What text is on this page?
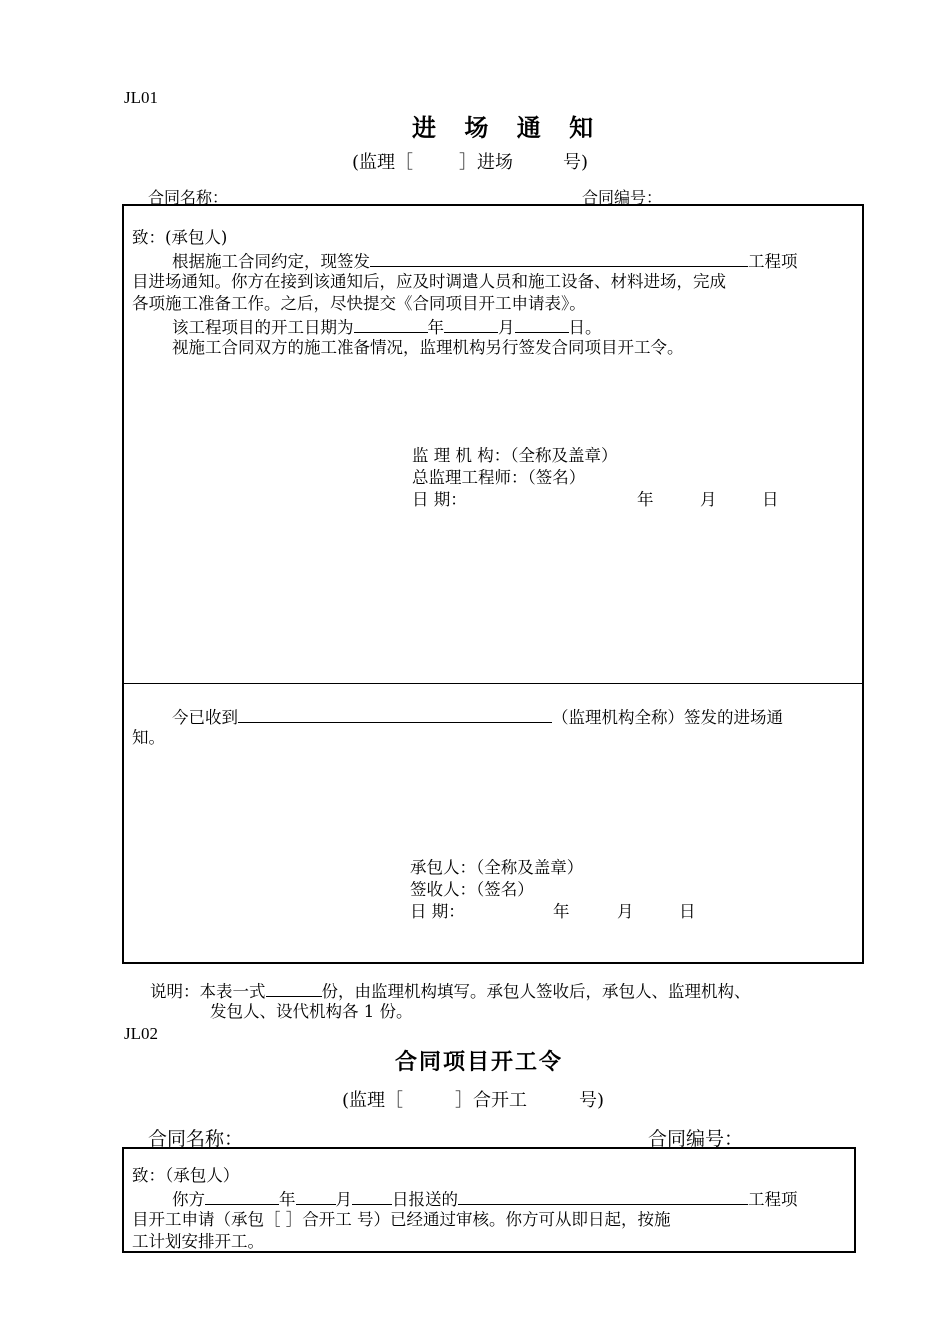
JL01
进 场 通 知
(监理［	］进场	号)
合同名称：	合同编号：
致：(承包人)
根据施工合同约定，现签发	工程项
目进场通知。你方在接到该通知后，应及时调遣人员和施工设备、材料进场，完成
各项施工准备工作。之后，尽快提交《合同项目开工申请表》。
该工程项目的开工日期为	年	月	日。
视施工合同双方的施工准备情况，监理机构另行签发合同项目开工令。
监 理 机 构：（全称及盖章）
总监理工程师：（签名）
日 期：	年	月	日
今已收到	（监理机构全称）签发的进场通
知。
承包人：（全称及盖章）
签收人：（签名）
日 期：	年	月	日
说明：本表一式	份，由监理机构填写。承包人签收后，承包人、监理机构、
发包人、设代机构各 1 份。
JL02
合同项目开工令
(监理［	］合开工	号)
合同名称：	合同编号：
致：（承包人）
你方	年 月 日报送的	工程项
目开工申请（承包［ ］合开工 号）已经通过审核。你方可从即日起，按施
工计划安排开工。
